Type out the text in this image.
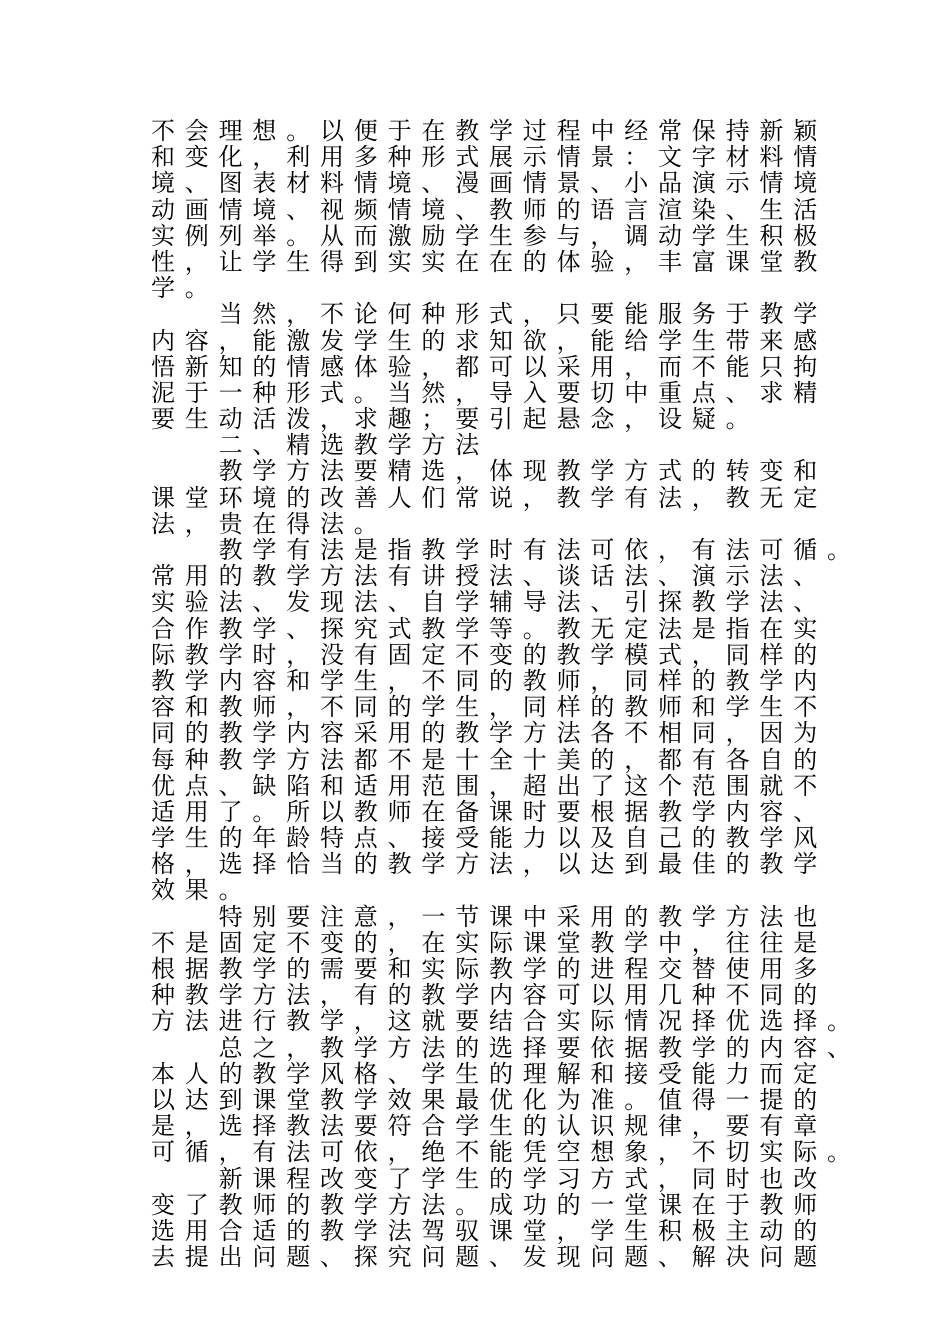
不会理想。以便于在教学过程中经常保持新颖
和变化，利用多种形式展示情景：文字材料情
境、图表材料情境、漫画情景、小品演示情境
动画情境、视频情境、教师的语言渲染、生活
实例列举。从而激励学生参与，调动学生积极
性，让学生得到实实在在的体验，丰富课堂教
学。
　　当然，不论何种形式，只要能服务于教学
内容，能激发学生的求知欲，能给学生带来感
悟新知的情感体验，都可以采用，而不能只拘
泥于一种形式。当然，导入要切中重点、求精
要生动活泼，求趣；要引起悬念，设疑。
　　二、精选教学方法
　　教学方法要精选，体现教学方式的转变和
课堂环境的改善人们常说，教学有法，教无定
法，贵在得法。
　　教学有法是指教学时有法可依，有法可循。
常用的教学方法有讲授法、谈话法、演示法、
实验法、发现法、自学辅导法、引探教学法、
合作教学、探究式教学等。教无定法是指在实
际教学时，没有固定不变的教学模式，同样的
教学内容和学生，不同的教师，同样的教学内
容和教师，不同的学生，同样的教师和学生不
同的教学内容采用的教学方法各不相同，因为
每种教学方法都不是十全十美的，都有各自的
优点、缺陷和适用范围，超出了这个范围就不
适用了。所以教师在备课时要根据教学内容、
学生的年龄特点、接受能力以及自己的教学风
格，选择恰当的教学方法，以达到最佳的教学
效果。
　　特别要注意，一节课中采用的教学方法也
不是固定不变的，在实际课堂教学中，往往是
根据教学的需要和实际教学的进程交替使用多
种教学方法，有的教学内容可以用几种不同的
方法进行教学，这就要结合实际情况择优选择。
　　总之，教学方法的选择要依据教学的内容、
本人的教学风格、学生的理解和接受能力而定
以达到课堂教学效果最优化为准。值得一提的
是，选择教法要符合学生的认识规律，要有章
可循，有法可依，绝不能凭空想象，不切实际。
　　新课程改变了学生的学习方式，同时也改
变了教师的教学方法。成功的一堂课在于教师
选用合适的教学法驾驭课堂，学生积极主动的
去提出问题、探究问题、发现问题、解决问题
